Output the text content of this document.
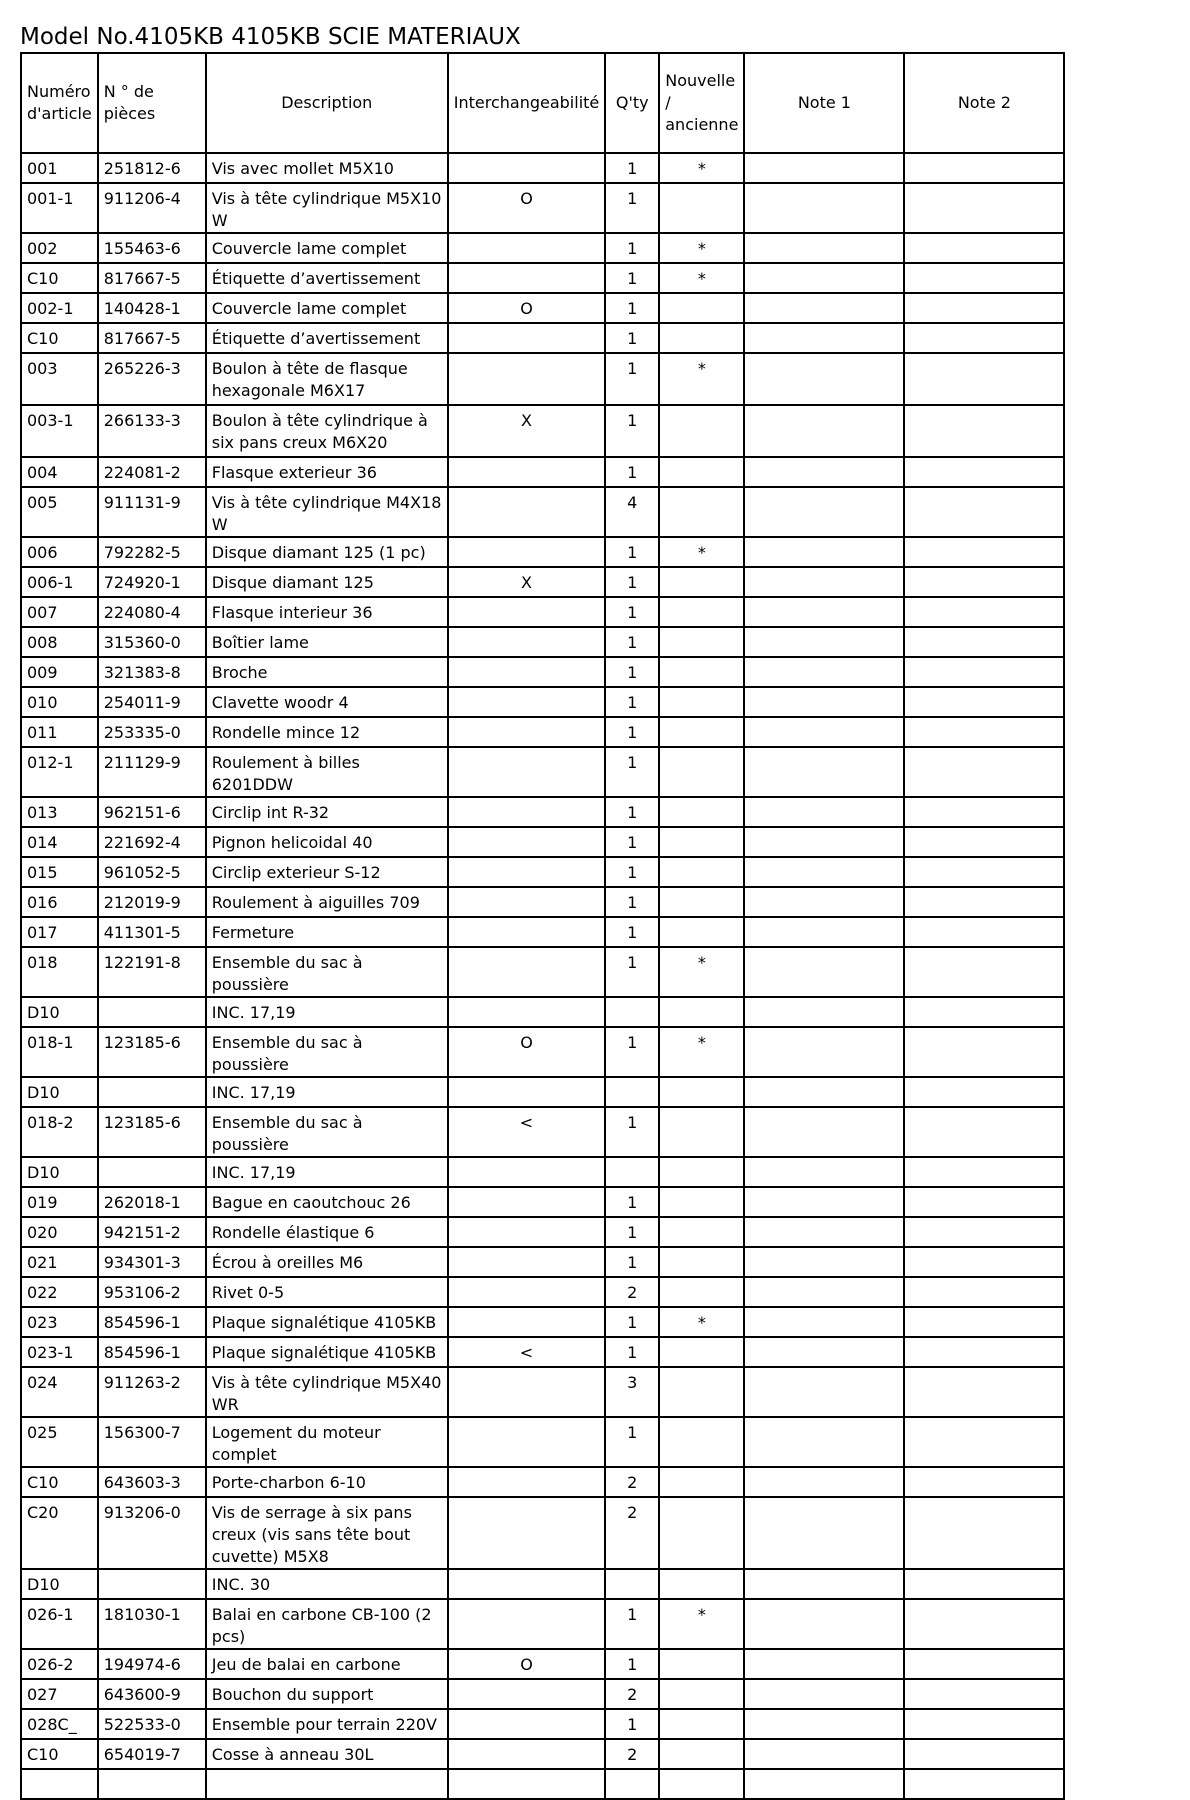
Model No.4105KB 4105KB SCIE MATERIAUX
Numéro d'article	N ° de pièces	Description	Interchangeabilité	Q'ty	Nouvelle / ancienne	Note 1	Note 2
001	251812-6	Vis avec mollet M5X10		1	*		
001-1	911206-4	Vis à tête cylindrique M5X10 W	O	1			
002	155463-6	Couvercle lame complet		1	*		
C10	817667-5	Étiquette d’avertissement		1	*		
002-1	140428-1	Couvercle lame complet	O	1			
C10	817667-5	Étiquette d’avertissement		1			
003	265226-3	Boulon à tête de flasque hexagonale M6X17		1	*		
003-1	266133-3	Boulon à tête cylindrique à six pans creux M6X20	X	1			
004	224081-2	Flasque exterieur 36		1			
005	911131-9	Vis à tête cylindrique M4X18 W		4			
006	792282-5	Disque diamant 125 (1 pc)		1	*		
006-1	724920-1	Disque diamant 125	X	1			
007	224080-4	Flasque interieur 36		1			
008	315360-0	Boîtier lame		1			
009	321383-8	Broche		1			
010	254011-9	Clavette woodr 4		1			
011	253335-0	Rondelle mince 12		1			
012-1	211129-9	Roulement à billes 6201DDW		1			
013	962151-6	Circlip int R-32		1			
014	221692-4	Pignon helicoidal 40		1			
015	961052-5	Circlip exterieur S-12		1			
016	212019-9	Roulement à aiguilles 709		1			
017	411301-5	Fermeture		1			
018	122191-8	Ensemble du sac à poussière		1	*		
D10		INC. 17,19					
018-1	123185-6	Ensemble du sac à poussière	O	1	*		
D10		INC. 17,19					
018-2	123185-6	Ensemble du sac à poussière	<	1			
D10		INC. 17,19					
019	262018-1	Bague en caoutchouc 26		1			
020	942151-2	Rondelle élastique 6		1			
021	934301-3	Écrou à oreilles M6		1			
022	953106-2	Rivet 0-5		2			
023	854596-1	Plaque signalétique 4105KB		1	*		
023-1	854596-1	Plaque signalétique 4105KB	<	1			
024	911263-2	Vis à tête cylindrique M5X40 WR		3			
025	156300-7	Logement du moteur complet		1			
C10	643603-3	Porte-charbon 6-10		2			
C20	913206-0	Vis de serrage à six pans creux (vis sans tête bout cuvette) M5X8		2			
D10		INC. 30					
026-1	181030-1	Balai en carbone CB-100 (2 pcs)		1	*		
026-2	194974-6	Jeu de balai en carbone	O	1			
027	643600-9	Bouchon du support		2			
028C_	522533-0	Ensemble pour terrain 220V		1			
C10	654019-7	Cosse à anneau 30L		2			
